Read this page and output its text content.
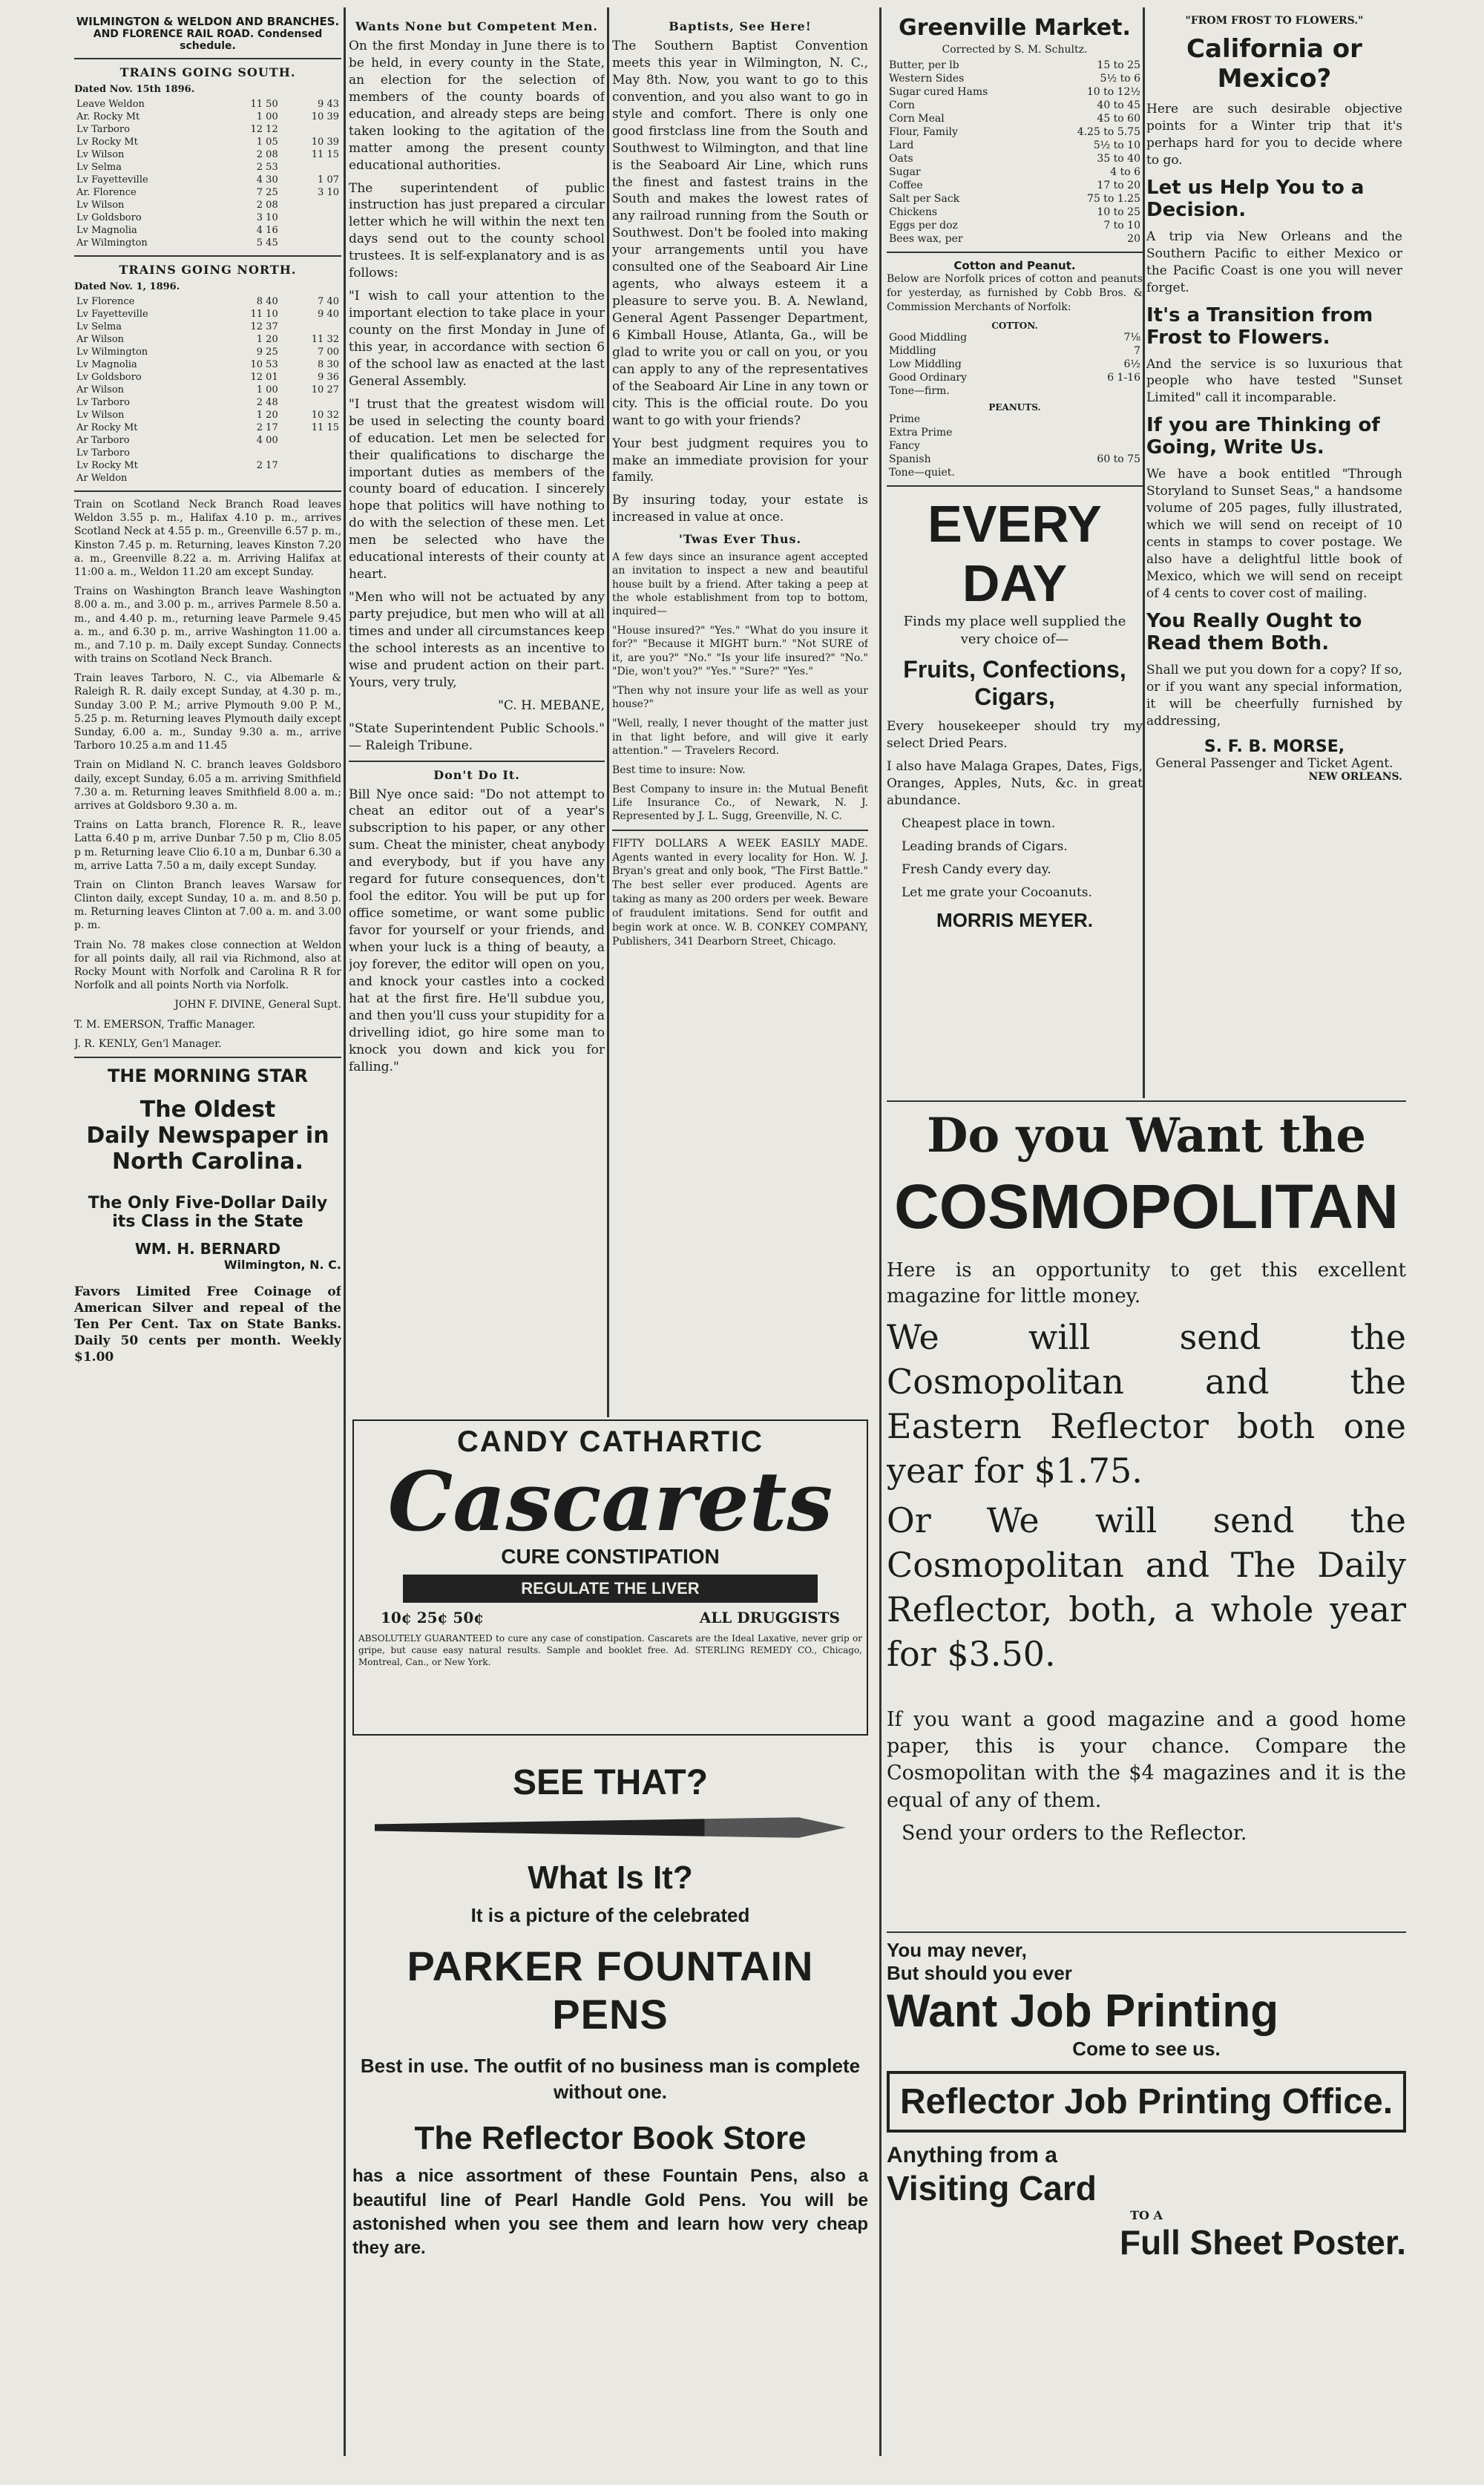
WILMINGTON & WELDON AND BRANCHES.
AND FLORENCE RAIL ROAD. Condensed schedule.
TRAINS GOING SOUTH.
Dated Nov. 15th 1896.
Leave Weldon	11 50	9 43
Ar. Rocky Mt	1 00	10 39
Lv Tarboro	12 12	
Lv Rocky Mt	1 05	10 39
Lv Wilson	2 08	11 15
Lv Selma	2 53	
Lv Fayetteville	4 30	1 07
Ar. Florence	7 25	3 10
Lv Wilson	2 08	
Lv Goldsboro	3 10	
Lv Magnolia	4 16	
Ar Wilmington	5 45	
TRAINS GOING NORTH.
Dated Nov. 1, 1896.
Lv Florence	8 40	7 40
Lv Fayetteville	11 10	9 40
Lv Selma	12 37	
Ar Wilson	1 20	11 32
Lv Wilmington	9 25	7 00
Lv Magnolia	10 53	8 30
Lv Goldsboro	12 01	9 36
Ar Wilson	1 00	10 27
Lv Tarboro	2 48	
Lv Wilson	1 20	10 32
Ar Rocky Mt	2 17	11 15
Ar Tarboro	4 00	
Lv Tarboro		
Lv Rocky Mt	2 17	
Ar Weldon		

Train on Scotland Neck Branch Road leaves Weldon 3.55 p. m., Halifax 4.10 p. m., arrives Scotland Neck at 4.55 p. m., Greenville 6.57 p. m., Kinston 7.45 p. m. Returning, leaves Kinston 7.20 a. m., Greenville 8.22 a. m. Arriving Halifax at 11:00 a. m., Weldon 11.20 am except Sunday.

Trains on Washington Branch leave Washington 8.00 a. m., and 3.00 p. m., arrives Parmele 8.50 a. m., and 4.40 p. m., returning leave Parmele 9.45 a. m., and 6.30 p. m., arrive Washington 11.00 a. m., and 7.10 p. m. Daily except Sunday. Connects with trains on Scotland Neck Branch.

Train leaves Tarboro, N. C., via Albemarle & Raleigh R. R. daily except Sunday, at 4.30 p. m., Sunday 3.00 P. M.; arrive Plymouth 9.00 P. M., 5.25 p. m. Returning leaves Plymouth daily except Sunday, 6.00 a. m., Sunday 9.30 a. m., arrive Tarboro 10.25 a.m and 11.45

Train on Midland N. C. branch leaves Goldsboro daily, except Sunday, 6.05 a m. arriving Smithfield 7.30 a. m. Returning leaves Smithfield 8.00 a. m.; arrives at Goldsboro 9.30 a. m.

Trains on Latta branch, Florence R. R., leave Latta 6.40 p m, arrive Dunbar 7.50 p m, Clio 8.05 p m. Returning leave Clio 6.10 a m, Dunbar 6.30 a m, arrive Latta 7.50 a m, daily except Sunday.

Train on Clinton Branch leaves Warsaw for Clinton daily, except Sunday, 10 a. m. and 8.50 p. m. Returning leaves Clinton at 7.00 a. m. and 3.00 p. m.

Train No. 78 makes close connection at Weldon for all points daily, all rail via Richmond, also at Rocky Mount with Norfolk and Carolina R R for Norfolk and all points North via Norfolk.

JOHN F. DIVINE, General Supt.

T. M. EMERSON, Traffic Manager.

J. R. KENLY, Gen'l Manager.

THE MORNING STAR
The Oldest
Daily Newspaper in
North Carolina.
The Only Five-Dollar Daily
its Class in the State
WM. H. BERNARD
Wilmington, N. C.

Favors Limited Free Coinage of American Silver and repeal of the Ten Per Cent. Tax on State Banks. Daily 50 cents per month. Weekly $1.00

Wants None but Competent Men.

On the first Monday in June there is to be held, in every county in the State, an election for the selection of members of the county boards of education, and already steps are being taken looking to the agitation of the matter among the present county educational authorities.

The superintendent of public instruction has just prepared a circular letter which he will within the next ten days send out to the county school trustees. It is self-explanatory and is as follows:

"I wish to call your attention to the important election to take place in your county on the first Monday in June of this year, in accordance with section 6 of the school law as enacted at the last General Assembly.

"I trust that the greatest wisdom will be used in selecting the county board of education. Let men be selected for their qualifications to discharge the important duties as members of the county board of education. I sincerely hope that politics will have nothing to do with the selection of these men. Let men be selected who have the educational interests of their county at heart.

"Men who will not be actuated by any party prejudice, but men who will at all times and under all circumstances keep the school interests as an incentive to wise and prudent action on their part. Yours, very truly,

"C. H. MEBANE,

"State Superintendent Public Schools." — Raleigh Tribune.

Don't Do It.

Bill Nye once said: "Do not attempt to cheat an editor out of a year's subscription to his paper, or any other sum. Cheat the minister, cheat anybody and everybody, but if you have any regard for future consequences, don't fool the editor. You will be put up for office sometime, or want some public favor for yourself or your friends, and when your luck is a thing of beauty, a joy forever, the editor will open on you, and knock your castles into a cocked hat at the first fire. He'll subdue you, and then you'll cuss your stupidity for a drivelling idiot, go hire some man to knock you down and kick you for falling."

Baptists, See Here!

The Southern Baptist Convention meets this year in Wilmington, N. C., May 8th. Now, you want to go to this convention, and you also want to go in style and comfort. There is only one good firstclass line from the South and Southwest to Wilmington, and that line is the Seaboard Air Line, which runs the finest and fastest trains in the South and makes the lowest rates of any railroad running from the South or Southwest. Don't be fooled into making your arrangements until you have consulted one of the Seaboard Air Line agents, who always esteem it a pleasure to serve you. B. A. Newland, General Agent Passenger Department, 6 Kimball House, Atlanta, Ga., will be glad to write you or call on you, or you can apply to any of the representatives of the Seaboard Air Line in any town or city. This is the official route. Do you want to go with your friends?

Your best judgment requires you to make an immediate provision for your family.

By insuring today, your estate is increased in value at once.

'Twas Ever Thus.

A few days since an insurance agent accepted an invitation to inspect a new and beautiful house built by a friend. After taking a peep at the whole establishment from top to bottom, inquired—

"House insured?" "Yes." "What do you insure it for?" "Because it MIGHT burn." "Not SURE of it, are you?" "No." "Is your life insured?" "No." "Die, won't you?" "Yes." "Sure?" "Yes."

"Then why not insure your life as well as your house?"

"Well, really, I never thought of the matter just in that light before, and will give it early attention." — Travelers Record.

Best time to insure: Now.

Best Company to insure in: the Mutual Benefit Life Insurance Co., of Newark, N. J. Represented by J. L. Sugg, Greenville, N. C.

FIFTY DOLLARS A WEEK EASILY MADE. Agents wanted in every locality for Hon. W. J. Bryan's great and only book, "The First Battle." The best seller ever produced. Agents are taking as many as 200 orders per week. Beware of fraudulent imitations. Send for outfit and begin work at once. W. B. CONKEY COMPANY, Publishers, 341 Dearborn Street, Chicago.

CANDY CATHARTIC
Cascarets
CURE CONSTIPATION
REGULATE THE LIVER
10¢ 25¢ 50¢	ALL DRUGGISTS

ABSOLUTELY GUARANTEED to cure any case of constipation. Cascarets are the Ideal Laxative, never grip or gripe, but cause easy natural results. Sample and booklet free. Ad. STERLING REMEDY CO., Chicago, Montreal, Can., or New York.

SEE THAT?
What Is It?
It is a picture of the celebrated
PARKER FOUNTAIN PENS

Best in use. The outfit of no business man is complete without one.

The Reflector Book Store

has a nice assortment of these Fountain Pens, also a beautiful line of Pearl Handle Gold Pens. You will be astonished when you see them and learn how very cheap they are.

Greenville Market.
Corrected by S. M. Schultz.
Butter, per lb	15 to 25
Western Sides	5½ to 6
Sugar cured Hams	10 to 12½
Corn	40 to 45
Corn Meal	45 to 60
Flour, Family	4.25 to 5.75
Lard	5½ to 10
Oats	35 to 40
Sugar	4 to 6
Coffee	17 to 20
Salt per Sack	75 to 1.25
Chickens	10 to 25
Eggs per doz	7 to 10
Bees wax, per	20
Cotton and Peanut.

Below are Norfolk prices of cotton and peanuts for yesterday, as furnished by Cobb Bros. & Commission Merchants of Norfolk:

COTTON.
Good Middling	7⅛
Middling	7
Low Middling	6½
Good Ordinary	6 1-16
Tone—firm.	
PEANUTS.
Prime	
Extra Prime	
Fancy	
Spanish	60 to 75
Tone—quiet.	
EVERY DAY

Finds my place well supplied the very choice of—

Fruits, Confections, Cigars,

Every housekeeper should try my select Dried Pears.

I also have Malaga Grapes, Dates, Figs, Oranges, Apples, Nuts, &c. in great abundance.

Cheapest place in town.

Leading brands of Cigars.

Fresh Candy every day.

Let me grate your Cocoanuts.

MORRIS MEYER.
"FROM FROST TO FLOWERS."
California or Mexico?

Here are such desirable objective points for a Winter trip that it's perhaps hard for you to decide where to go.

Let us Help You to a Decision.

A trip via New Orleans and the Southern Pacific to either Mexico or the Pacific Coast is one you will never forget.

It's a Transition from Frost to Flowers.

And the service is so luxurious that people who have tested "Sunset Limited" call it incomparable.

If you are Thinking of Going, Write Us.

We have a book entitled "Through Storyland to Sunset Seas," a handsome volume of 205 pages, fully illustrated, which we will send on receipt of 10 cents in stamps to cover postage. We also have a delightful little book of Mexico, which we will send on receipt of 4 cents to cover cost of mailing.

You Really Ought to Read them Both.

Shall we put you down for a copy? If so, or if you want any special information, it will be cheerfully furnished by addressing,

S. F. B. MORSE,
General Passenger and Ticket Agent.
NEW ORLEANS.
Do you Want the
COSMOPOLITAN

Here is an opportunity to get this excellent magazine for little money.

We will send the Cosmopolitan and the Eastern Reflector both one year for $1.75.

Or We will send the Cosmopolitan and The Daily Reflector, both, a whole year for $3.50.

If you want a good magazine and a good home paper, this is your chance. Compare the Cosmopolitan with the $4 magazines and it is the equal of any of them.

Send your orders to the Reflector.

You may never,
But should you ever
Want Job Printing
Come to see us.
Reflector Job Printing Office.
Anything from a
Visiting Card
TO A
Full Sheet Poster.
